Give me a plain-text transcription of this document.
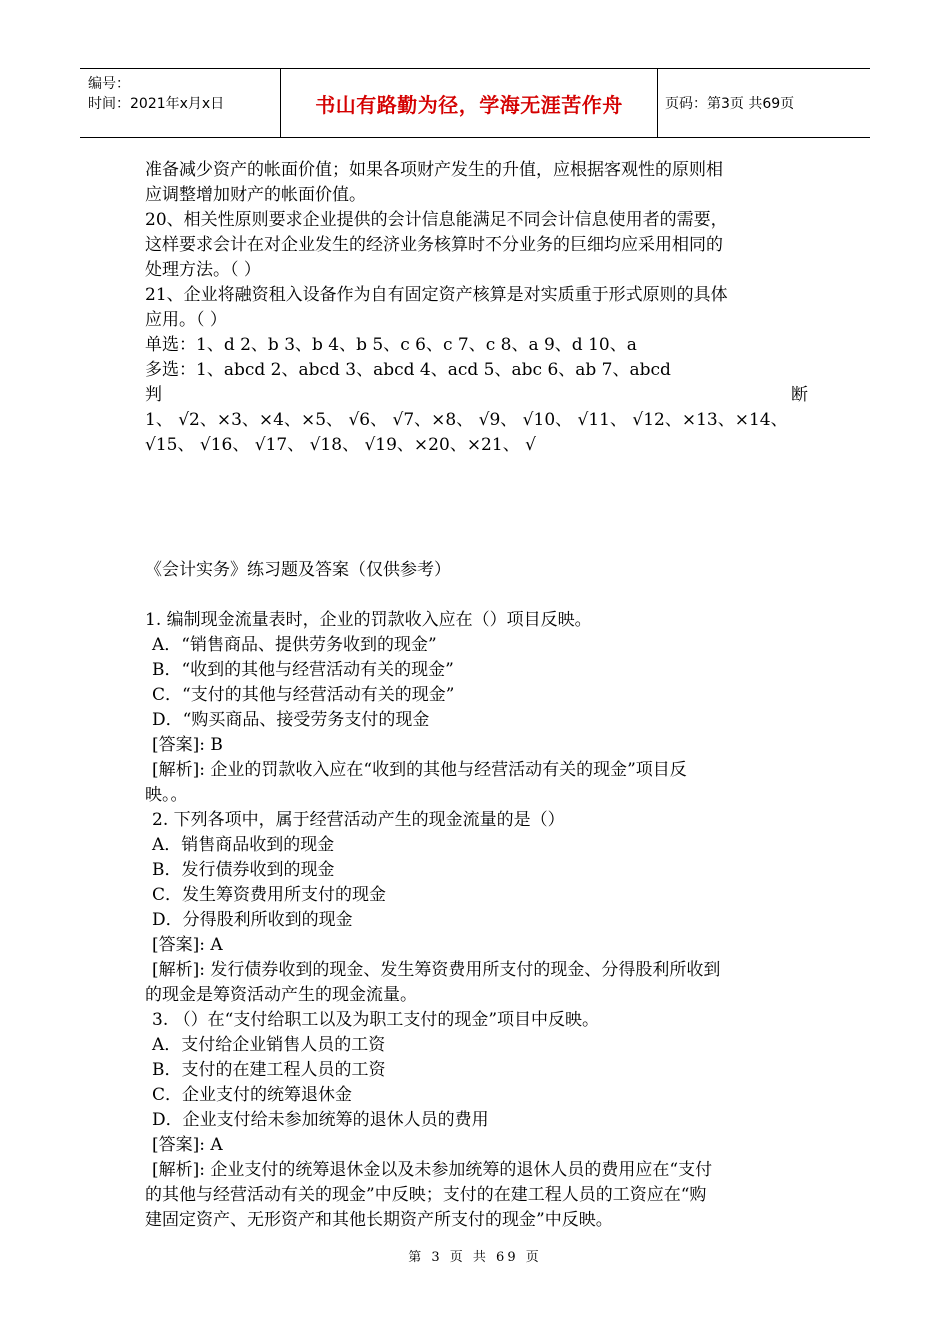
编号：
时间：2021年x月x日	书山有路勤为径，学海无涯苦作舟	页码：第3页 共69页
准备减少资产的帐面价值；如果各项财产发生的升值，应根据客观性的原则相
应调整增加财产的帐面价值。
20、相关性原则要求企业提供的会计信息能满足不同会计信息使用者的需要，
这样要求会计在对企业发生的经济业务核算时不分业务的巨细均应采用相同的
处理方法。（ ）
21、企业将融资租入设备作为自有固定资产核算是对实质重于形式原则的具体
应用。（ ）
单选：1、d 2、b 3、b 4、b 5、c 6、c 7、c 8、a 9、d 10、a
多选：1、abcd 2、abcd 3、abcd 4、acd 5、abc 6、ab 7、abcd
判	断
1、 √2、×3、×4、×5、 √6、 √7、×8、 √9、 √10、 √11、 √12、×13、×14、
√15、 √16、 √17、 √18、 √19、×20、×21、 √
《会计实务》练习题及答案（仅供参考）
1. 编制现金流量表时，企业的罚款收入应在（）项目反映。
A．“销售商品、提供劳务收到的现金”
B．“收到的其他与经营活动有关的现金”
C．“支付的其他与经营活动有关的现金”
D．“购买商品、接受劳务支付的现金
[答案]: B
[解析]: 企业的罚款收入应在“收到的其他与经营活动有关的现金”项目反
映。。
2. 下列各项中，属于经营活动产生的现金流量的是（）
A．销售商品收到的现金
B．发行债券收到的现金
C．发生筹资费用所支付的现金
D．分得股利所收到的现金
[答案]: A
[解析]: 发行债券收到的现金、发生筹资费用所支付的现金、分得股利所收到
的现金是筹资活动产生的现金流量。
3. （）在“支付给职工以及为职工支付的现金”项目中反映。
A．支付给企业销售人员的工资
B．支付的在建工程人员的工资
C．企业支付的统筹退休金
D．企业支付给未参加统筹的退休人员的费用
[答案]: A
[解析]: 企业支付的统筹退休金以及未参加统筹的退休人员的费用应在“支付
的其他与经营活动有关的现金”中反映；支付的在建工程人员的工资应在“购
建固定资产、无形资产和其他长期资产所支付的现金”中反映。
第 3 页 共 69 页
